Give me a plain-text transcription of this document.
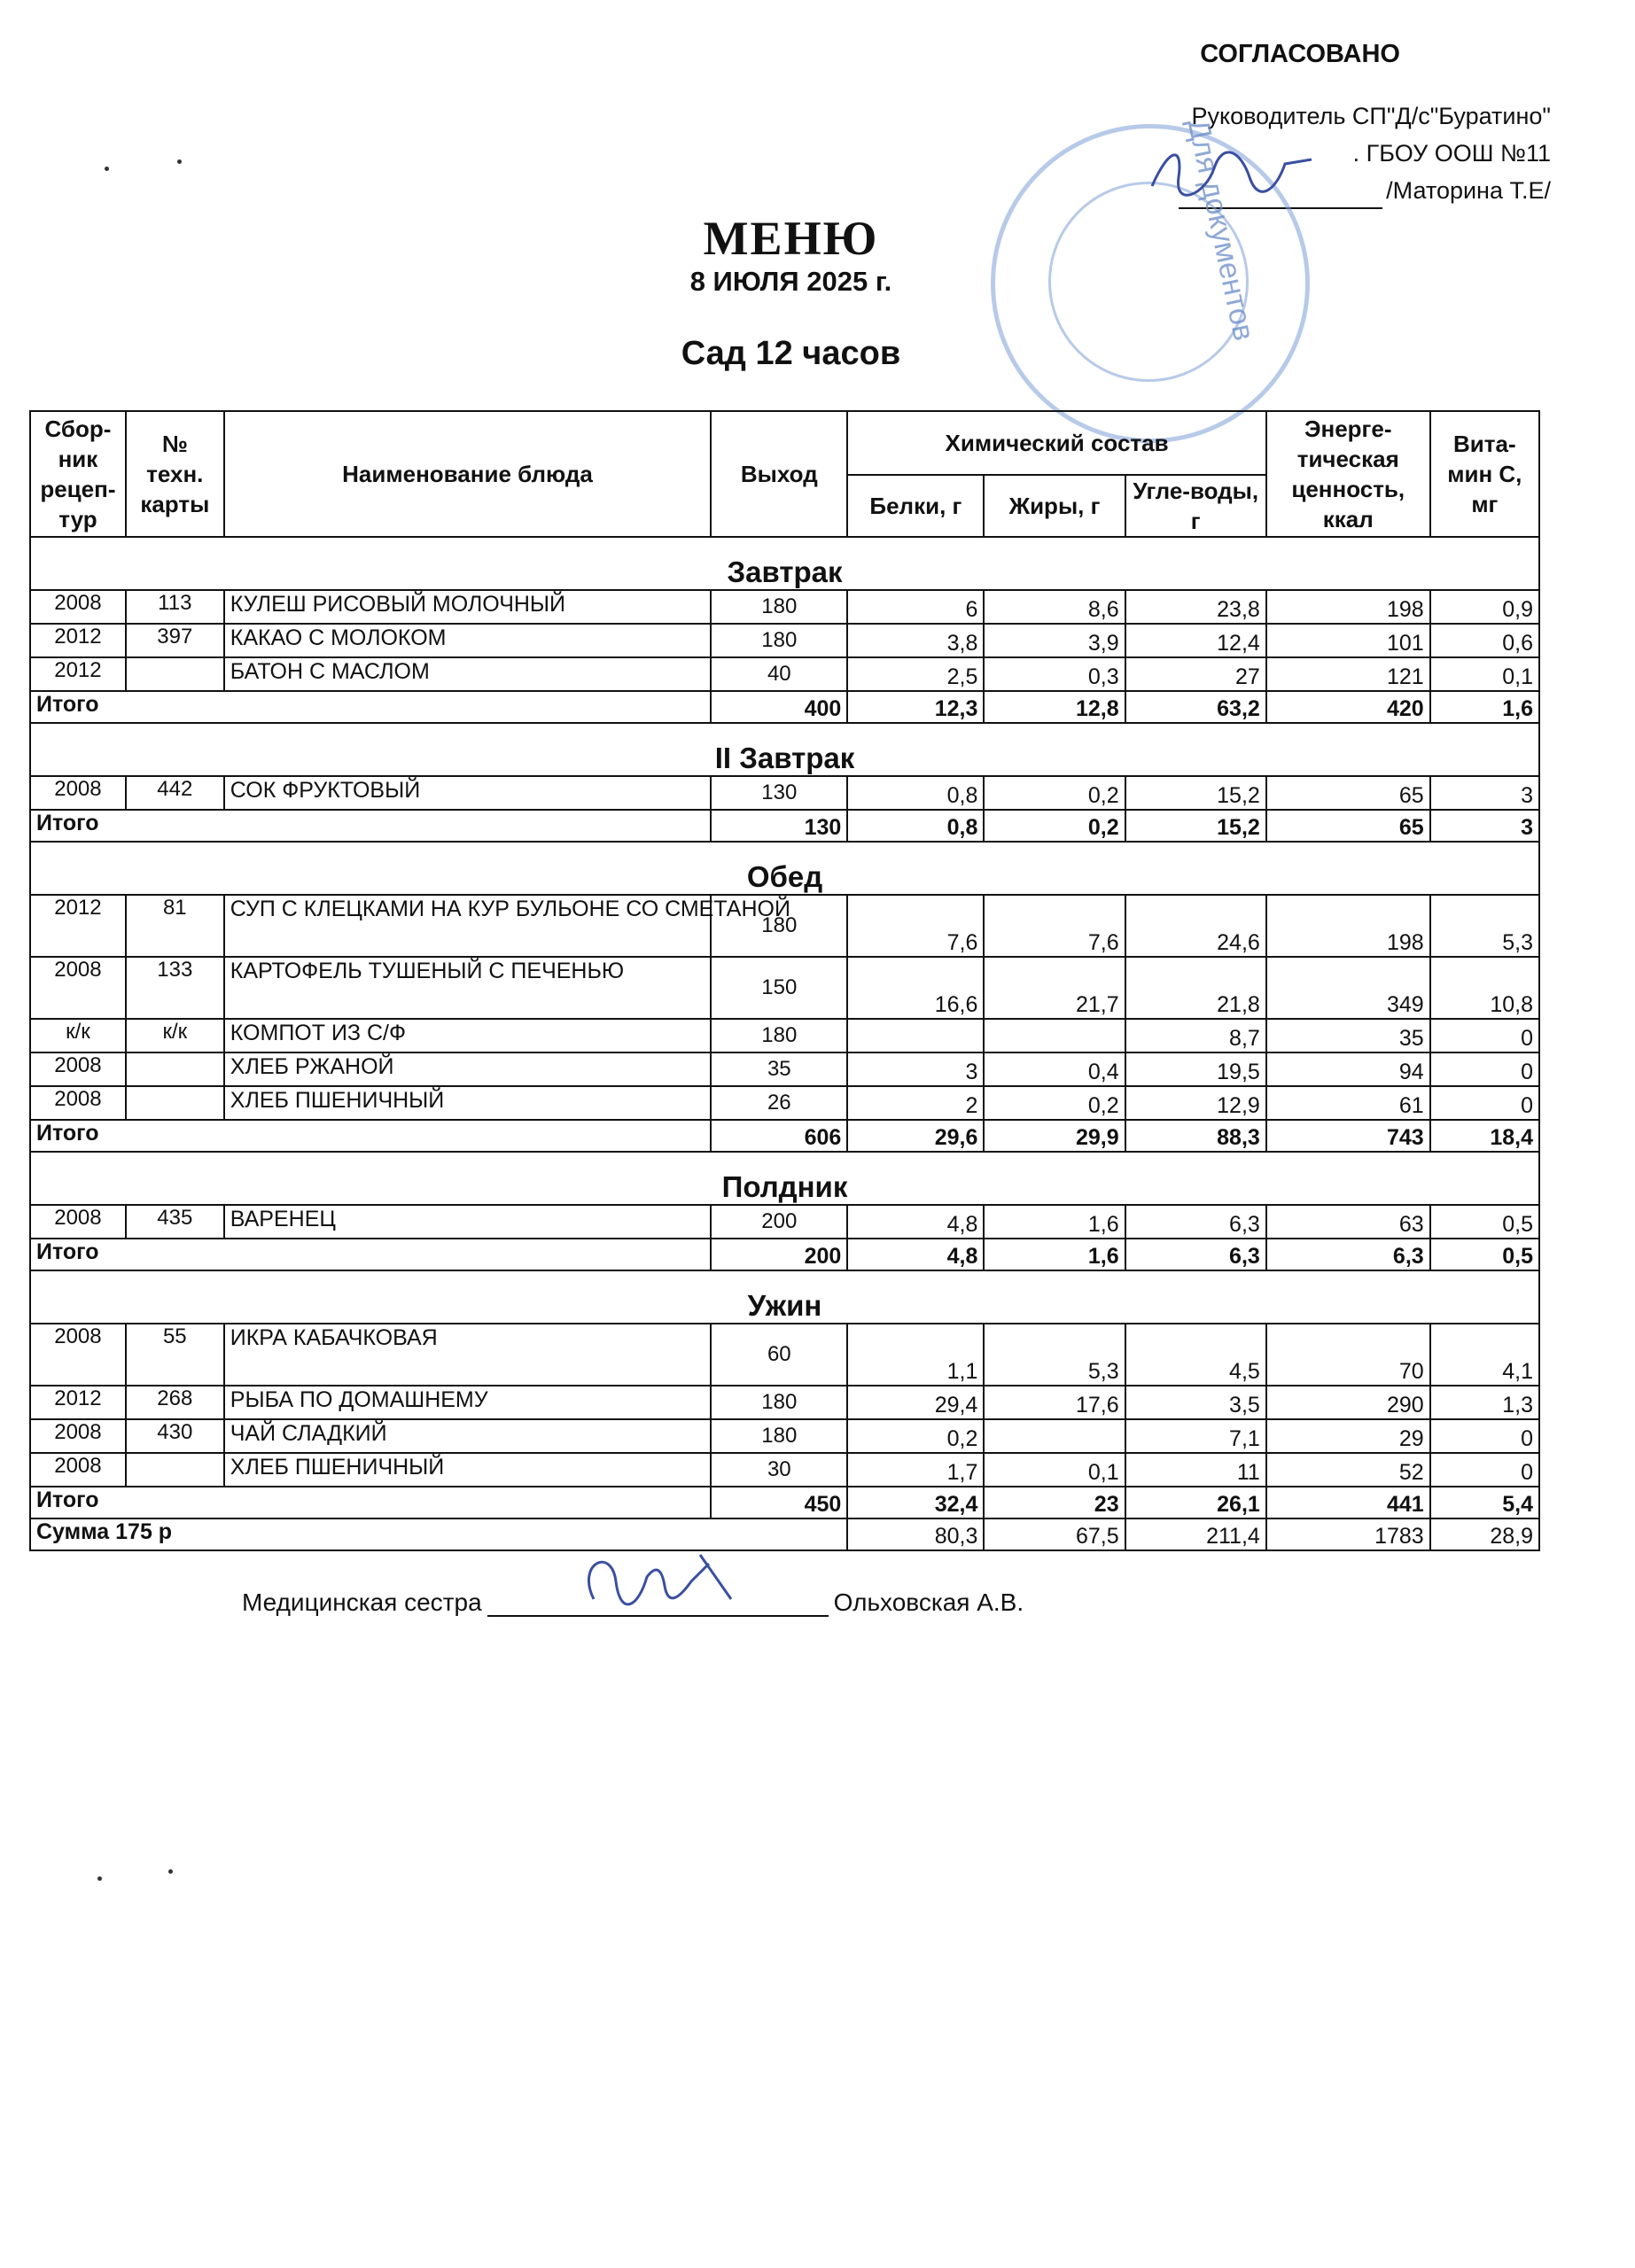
СОГЛАСОВАНО
Руководитель СП"Д/с"Буратино"
. ГБОУ ООШ №11
/Маторина Т.Е/
Для документов
МЕНЮ
8 ИЮЛЯ 2025 г.
Сад 12 часов
Сбор-ник рецеп-тур	№ техн. карты	Наименование блюда	Выход	Химический состав			Энерге-тическая ценность, ккал	Вита-мин С, мг
				Белки, г	Жиры, г	Угле-воды, г		
Завтрак								
2008	113	КУЛЕШ РИСОВЫЙ МОЛОЧНЫЙ	180	6	8,6	23,8	198	0,9
2012	397	КАКАО С МОЛОКОМ	180	3,8	3,9	12,4	101	0,6
2012		БАТОН С МАСЛОМ	40	2,5	0,3	27	121	0,1
Итого			400	12,3	12,8	63,2	420	1,6
II Завтрак								
2008	442	СОК ФРУКТОВЫЙ	130	0,8	0,2	15,2	65	3
Итого			130	0,8	0,2	15,2	65	3
Обед								
2012	81	СУП С КЛЕЦКАМИ НА КУР БУЛЬОНЕ СО СМЕТАНОЙ	180	7,6	7,6	24,6	198	5,3
2008	133	КАРТОФЕЛЬ ТУШЕНЫЙ С ПЕЧЕНЬЮ	150	16,6	21,7	21,8	349	10,8
к/к	к/к	КОМПОТ ИЗ С/Ф	180			8,7	35	0
2008		ХЛЕБ РЖАНОЙ	35	3	0,4	19,5	94	0
2008		ХЛЕБ ПШЕНИЧНЫЙ	26	2	0,2	12,9	61	0
Итого			606	29,6	29,9	88,3	743	18,4
Полдник								
2008	435	ВАРЕНЕЦ	200	4,8	1,6	6,3	63	0,5
Итого			200	4,8	1,6	6,3	6,3	0,5
Ужин								
2008	55	ИКРА КАБАЧКОВАЯ	60	1,1	5,3	4,5	70	4,1
2012	268	РЫБА ПО ДОМАШНЕМУ	180	29,4	17,6	3,5	290	1,3
2008	430	ЧАЙ СЛАДКИЙ	180	0,2		7,1	29	0
2008		ХЛЕБ ПШЕНИЧНЫЙ	30	1,7	0,1	11	52	0
Итого			450	32,4	23	26,1	441	5,4
Сумма 175 р				80,3	67,5	211,4	1783	28,9
Медицинская сестра	Ольховская А.В.
